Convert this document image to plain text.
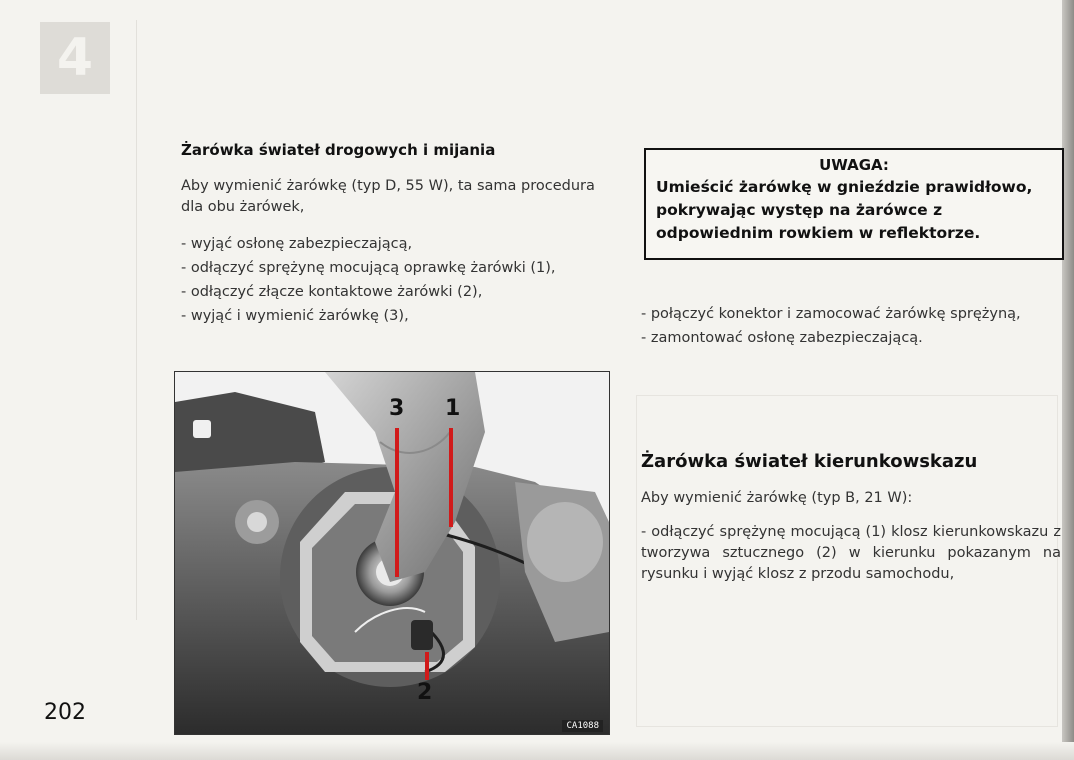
4
Żarówka świateł drogowych i mijania

Aby wymienić żarówkę (typ D, 55 W), ta sama procedura dla obu żarówek,

- wyjąć osłonę zabezpieczającą,
- odłączyć sprężynę mocującą oprawkę żarówki (1),
- odłączyć złącze kontaktowe żarówki (2),
- wyjąć i wymienić żarówkę (3),
3 1
2
CA1088
UWAGA:
Umieścić żarówkę w gnieździe prawidłowo, pokrywając występ na żarówce z odpowiednim rowkiem w reflektorze.
- połączyć konektor i zamocować żarówkę sprężyną,
- zamontować osłonę zabezpieczającą.
Żarówka świateł kierunkowskazu

Aby wymienić żarówkę (typ B, 21 W):

- odłączyć sprężynę mocującą (1) klosz kierunkowskazu z tworzywa sztucznego (2) w kierunku pokazanym na rysunku i wyjąć klosz z przodu samochodu,

202
